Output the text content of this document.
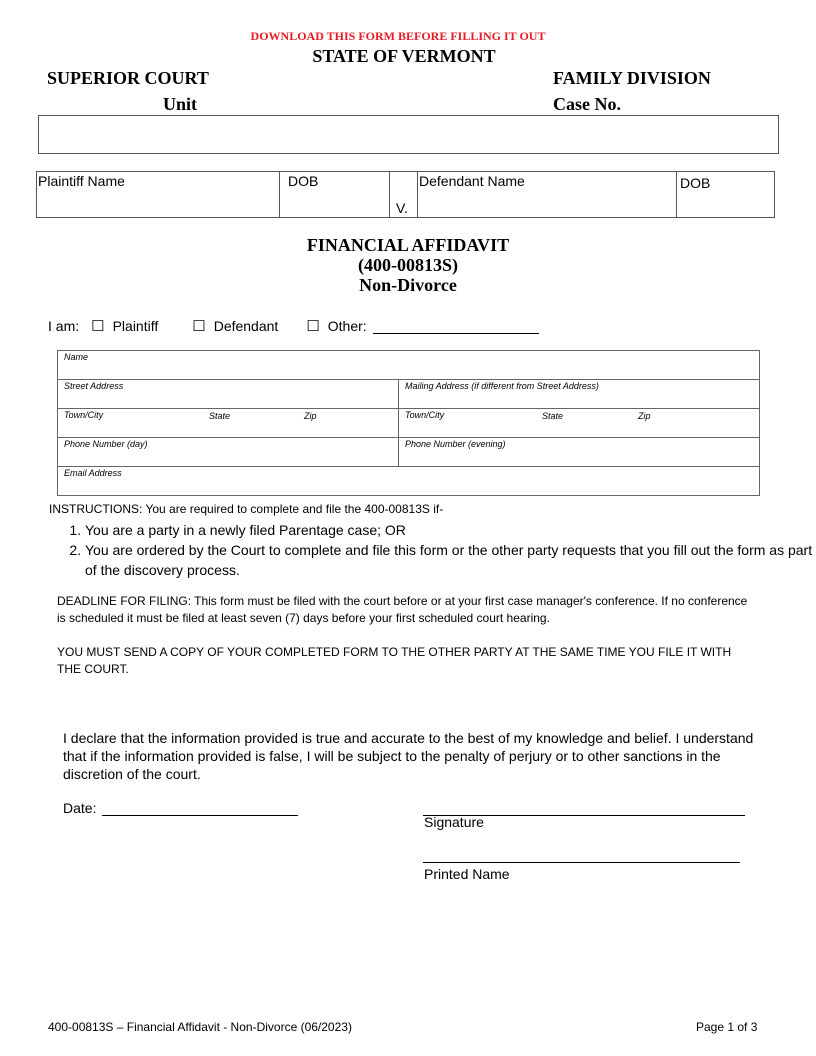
DOWNLOAD THIS FORM BEFORE FILLING IT OUT
STATE OF VERMONT
SUPERIOR COURT
Unit
FAMILY DIVISION
Case No.
Plaintiff Name	DOB	V.	Defendant Name	DOB
FINANCIAL AFFIDAVIT
(400-00813S)
Non-Divorce
I am: ☐ Plaintiff ☐ Defendant ☐ Other:
Name	
Street Address	Mailing Address (if different from Street Address)
Town/City State Zip	Town/City State Zip

Phone Number (day)	Phone Number (evening)
Email Address	
INSTRUCTIONS: You are required to complete and file the 400-00813S if-
1. You are a party in a newly filed Parentage case; OR
2. You are ordered by the Court to complete and file this form or the other party requests that you fill out the form as part of the discovery process.
DEADLINE FOR FILING: This form must be filed with the court before or at your first case manager's conference. If no conference is scheduled it must be filed at least seven (7) days before your first scheduled court hearing.
YOU MUST SEND A COPY OF YOUR COMPLETED FORM TO THE OTHER PARTY AT THE SAME TIME YOU FILE IT WITH THE COURT.
I declare that the information provided is true and accurate to the best of my knowledge and belief. I understand that if the information provided is false, I will be subject to the penalty of perjury or to other sanctions in the discretion of the court.
Date:
Signature
Printed Name
400-00813S – Financial Affidavit - Non-Divorce (06/2023)	Page 1 of 3
